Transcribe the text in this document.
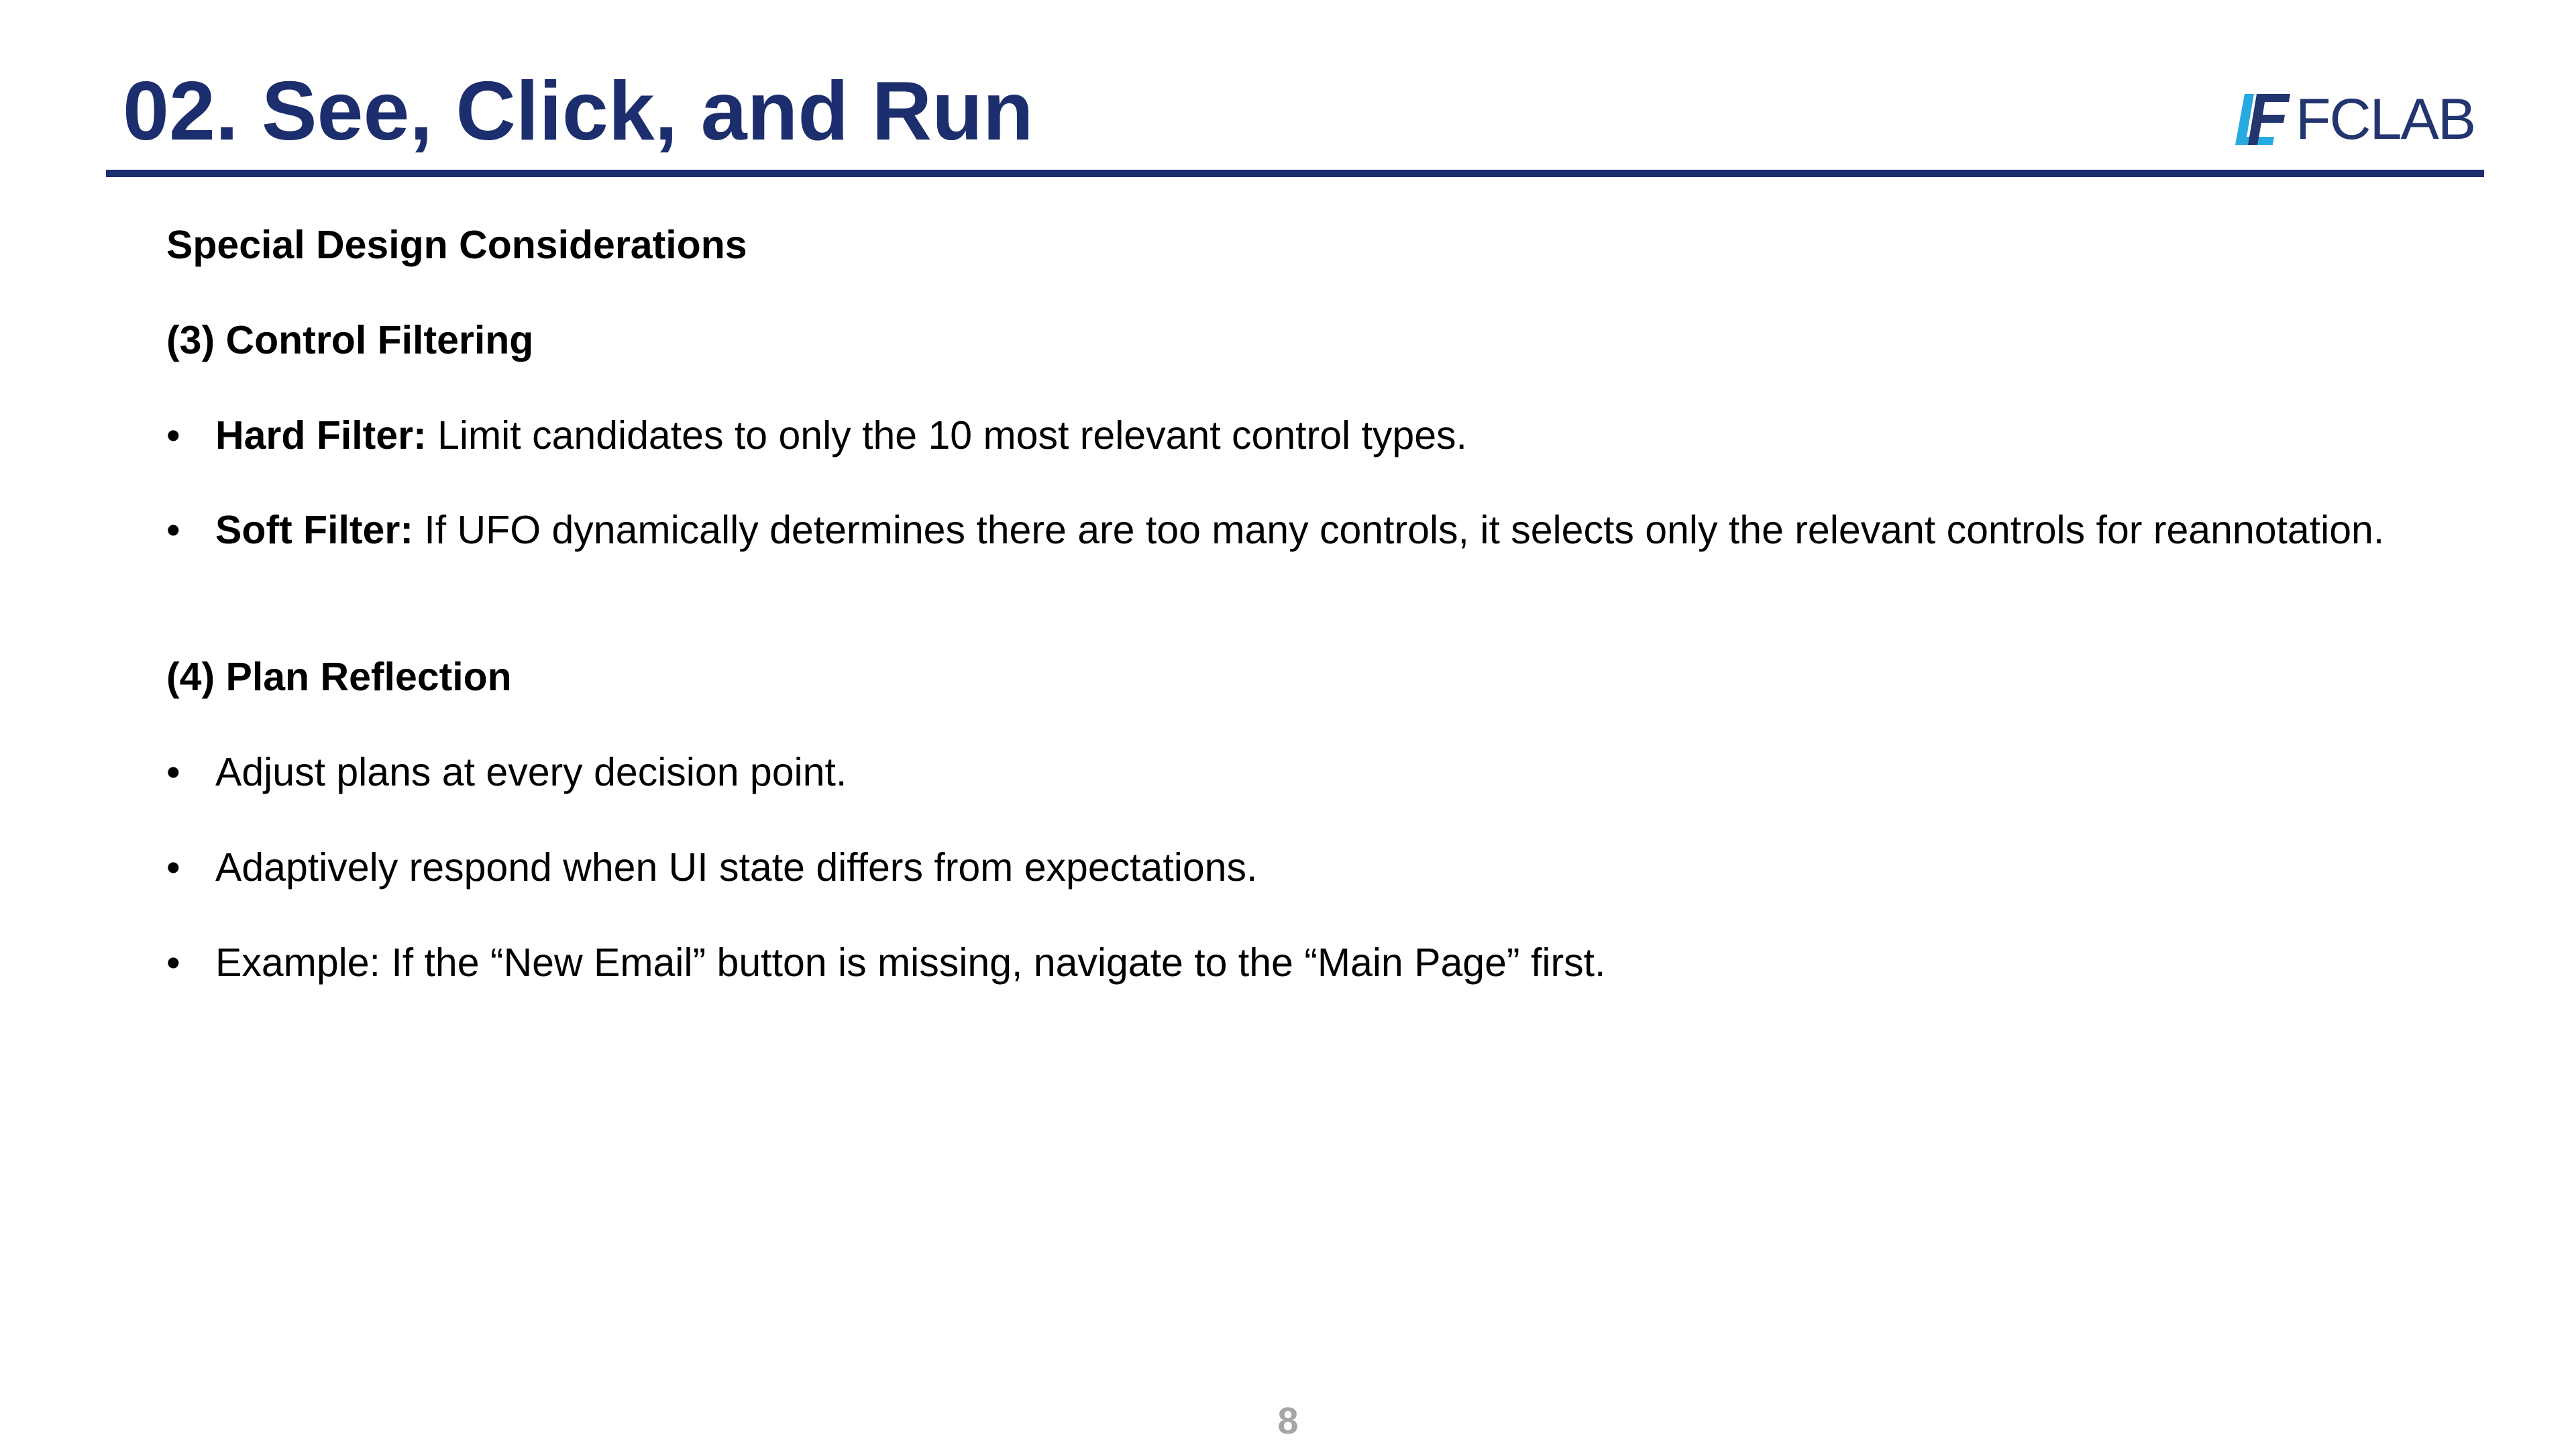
02. See, Click, and Run	FCLAB

Special Design Considerations

(3) Control Filtering

• Hard Filter: Limit candidates to only the 10 most relevant control types.
• Soft Filter: If UFO dynamically determines there are too many controls, it selects only the relevant controls for reannotation.

(4) Plan Reflection

• Adjust plans at every decision point.
• Adaptively respond when UI state differs from expectations.
• Example: If the “New Email” button is missing, navigate to the “Main Page” first.
8
